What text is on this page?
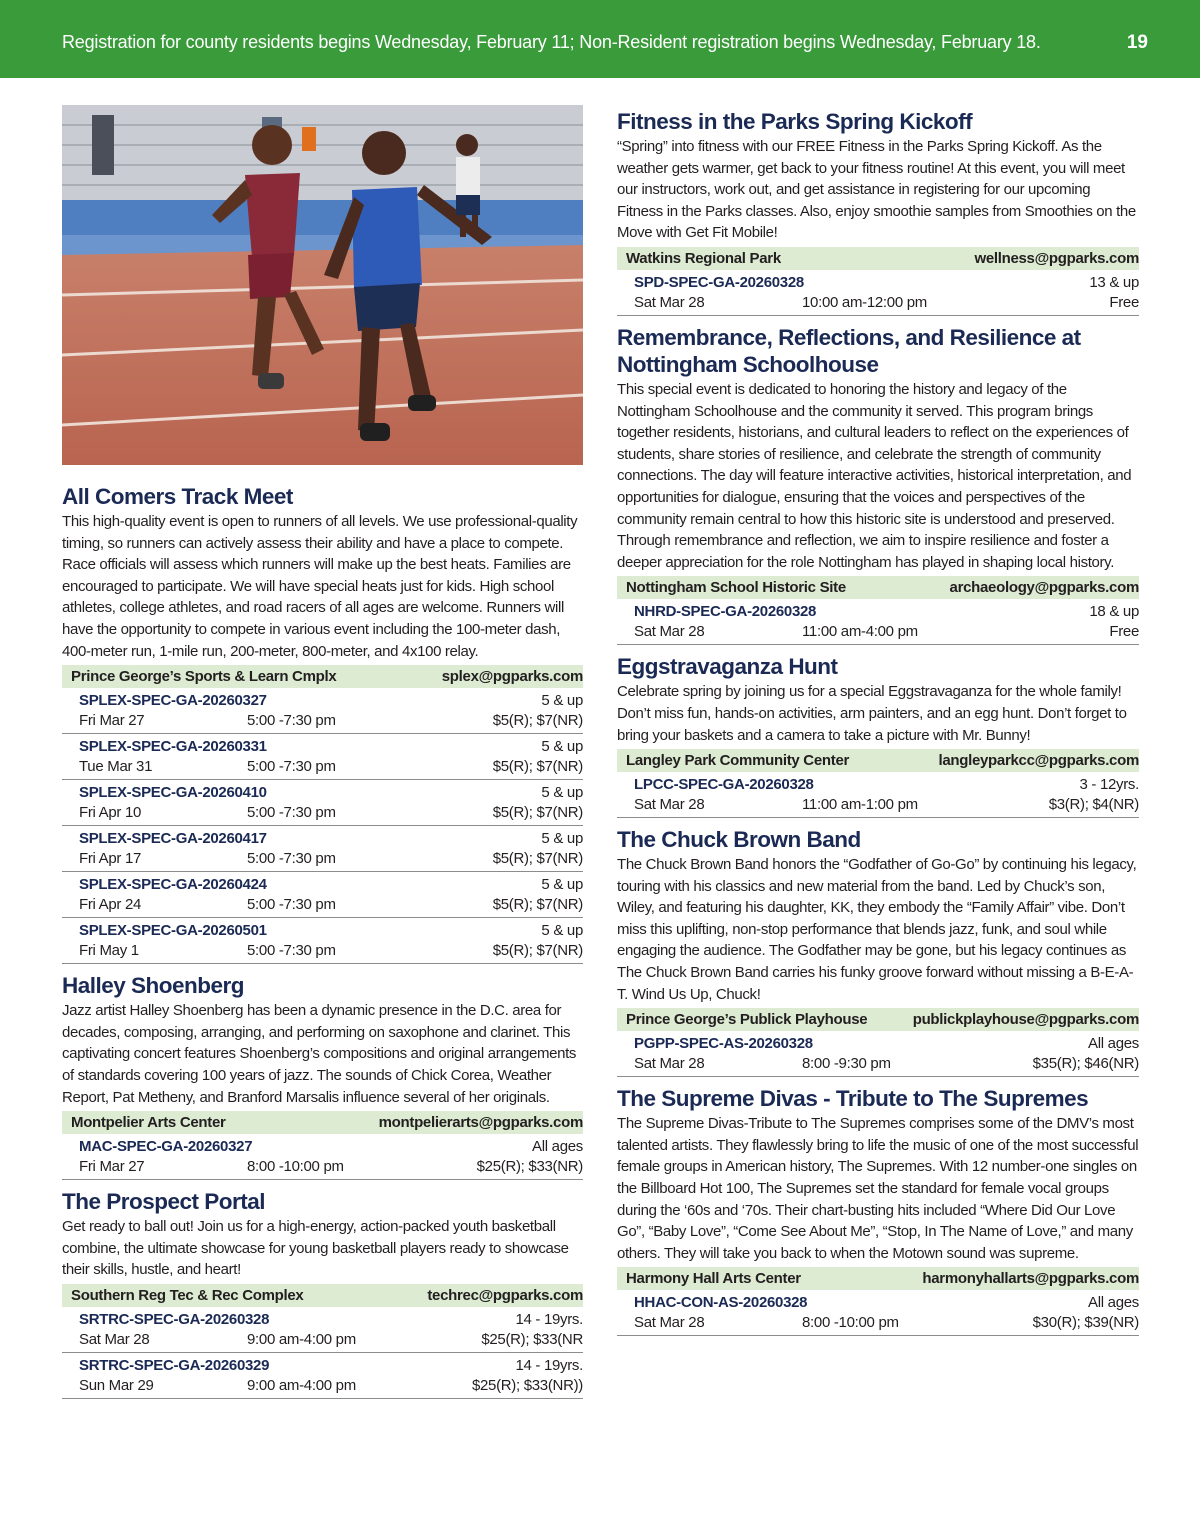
Registration for county residents begins Wednesday, February 11; Non-Resident registration begins Wednesday, February 18.	19
All Comers Track Meet
This high-quality event is open to runners of all levels. We use professional-quality timing, so runners can actively assess their ability and have a place to compete. Race officials will assess which runners will make up the best heats. Families are encouraged to participate. We will have special heats just for kids. High school athletes, college athletes, and road racers of all ages are welcome. Runners will have the opportunity to compete in various event including the 100-meter dash, 400-meter run, 1-mile run, 200-meter, 800-meter, and 4x100 relay.
Prince George’s Sports & Learn Cmplx	splex@pgparks.com
SPLEX-SPEC-GA-20260327	5 & up
Fri Mar 27	5:00 -7:30 pm	$5(R); $7(NR)
SPLEX-SPEC-GA-20260331	5 & up
Tue Mar 31	5:00 -7:30 pm	$5(R); $7(NR)
SPLEX-SPEC-GA-20260410	5 & up
Fri Apr 10	5:00 -7:30 pm	$5(R); $7(NR)
SPLEX-SPEC-GA-20260417	5 & up
Fri Apr 17	5:00 -7:30 pm	$5(R); $7(NR)
SPLEX-SPEC-GA-20260424	5 & up
Fri Apr 24	5:00 -7:30 pm	$5(R); $7(NR)
SPLEX-SPEC-GA-20260501	5 & up
Fri May 1	5:00 -7:30 pm	$5(R); $7(NR)
Halley Shoenberg
Jazz artist Halley Shoenberg has been a dynamic presence in the D.C. area for decades, composing, arranging, and performing on saxophone and clarinet. This captivating concert features Shoenberg’s compositions and original arrangements of standards covering 100 years of jazz. The sounds of Chick Corea, Weather Report, Pat Metheny, and Branford Marsalis influence several of her originals.
Montpelier Arts Center	montpelierarts@pgparks.com
MAC-SPEC-GA-20260327	All ages
Fri Mar 27	8:00 -10:00 pm	$25(R); $33(NR)
The Prospect Portal
Get ready to ball out! Join us for a high-energy, action-packed youth basketball combine, the ultimate showcase for young basketball players ready to showcase their skills, hustle, and heart!
Southern Reg Tec & Rec Complex	techrec@pgparks.com
SRTRC-SPEC-GA-20260328	14 - 19yrs.
Sat Mar 28	9:00 am-4:00 pm	$25(R); $33(NR
SRTRC-SPEC-GA-20260329	14 - 19yrs.
Sun Mar 29	9:00 am-4:00 pm	$25(R); $33(NR))
Fitness in the Parks Spring Kickoff
“Spring” into fitness with our FREE Fitness in the Parks Spring Kickoff. As the weather gets warmer, get back to your fitness routine! At this event, you will meet our instructors, work out, and get assistance in registering for our upcoming Fitness in the Parks classes. Also, enjoy smoothie samples from Smoothies on the Move with Get Fit Mobile!
Watkins Regional Park	wellness@pgparks.com
SPD-SPEC-GA-20260328	13 & up
Sat Mar 28	10:00 am-12:00 pm	Free
Remembrance, Reflections, and Resilience at Nottingham Schoolhouse
This special event is dedicated to honoring the history and legacy of the Nottingham Schoolhouse and the community it served. This program brings together residents, historians, and cultural leaders to reflect on the experiences of students, share stories of resilience, and celebrate the strength of community connections. The day will feature interactive activities, historical interpretation, and opportunities for dialogue, ensuring that the voices and perspectives of the community remain central to how this historic site is understood and preserved. Through remembrance and reflection, we aim to inspire resilience and foster a deeper appreciation for the role Nottingham has played in shaping local history.
Nottingham School Historic Site	archaeology@pgparks.com
NHRD-SPEC-GA-20260328	18 & up
Sat Mar 28	11:00 am-4:00 pm	Free
Eggstravaganza Hunt
Celebrate spring by joining us for a special Eggstravaganza for the whole family! Don’t miss fun, hands-on activities, arm painters, and an egg hunt. Don’t forget to bring your baskets and a camera to take a picture with Mr. Bunny!
Langley Park Community Center	langleyparkcc@pgparks.com
LPCC-SPEC-GA-20260328	3 - 12yrs.
Sat Mar 28	11:00 am-1:00 pm	$3(R); $4(NR)
The Chuck Brown Band
The Chuck Brown Band honors the “Godfather of Go-Go” by continuing his legacy, touring with his classics and new material from the band. Led by Chuck’s son, Wiley, and featuring his daughter, KK, they embody the “Family Affair” vibe. Don’t miss this uplifting, non-stop performance that blends jazz, funk, and soul while engaging the audience. The Godfather may be gone, but his legacy continues as The Chuck Brown Band carries his funky groove forward without missing a B-E-A-T. Wind Us Up, Chuck!
Prince George’s Publick Playhouse	publickplayhouse@pgparks.com
PGPP-SPEC-AS-20260328	All ages
Sat Mar 28	8:00 -9:30 pm	$35(R); $46(NR)
The Supreme Divas - Tribute to The Supremes
The Supreme Divas-Tribute to The Supremes comprises some of the DMV’s most talented artists. They flawlessly bring to life the music of one of the most successful female groups in American history, The Supremes. With 12 number-one singles on the Billboard Hot 100, The Supremes set the standard for female vocal groups during the ‘60s and ‘70s. Their chart-busting hits included “Where Did Our Love Go”, “Baby Love”, “Come See About Me”, “Stop, In The Name of Love,” and many others. They will take you back to when the Motown sound was supreme.
Harmony Hall Arts Center	harmonyhallarts@pgparks.com
HHAC-CON-AS-20260328	All ages
Sat Mar 28	8:00 -10:00 pm	$30(R); $39(NR)
